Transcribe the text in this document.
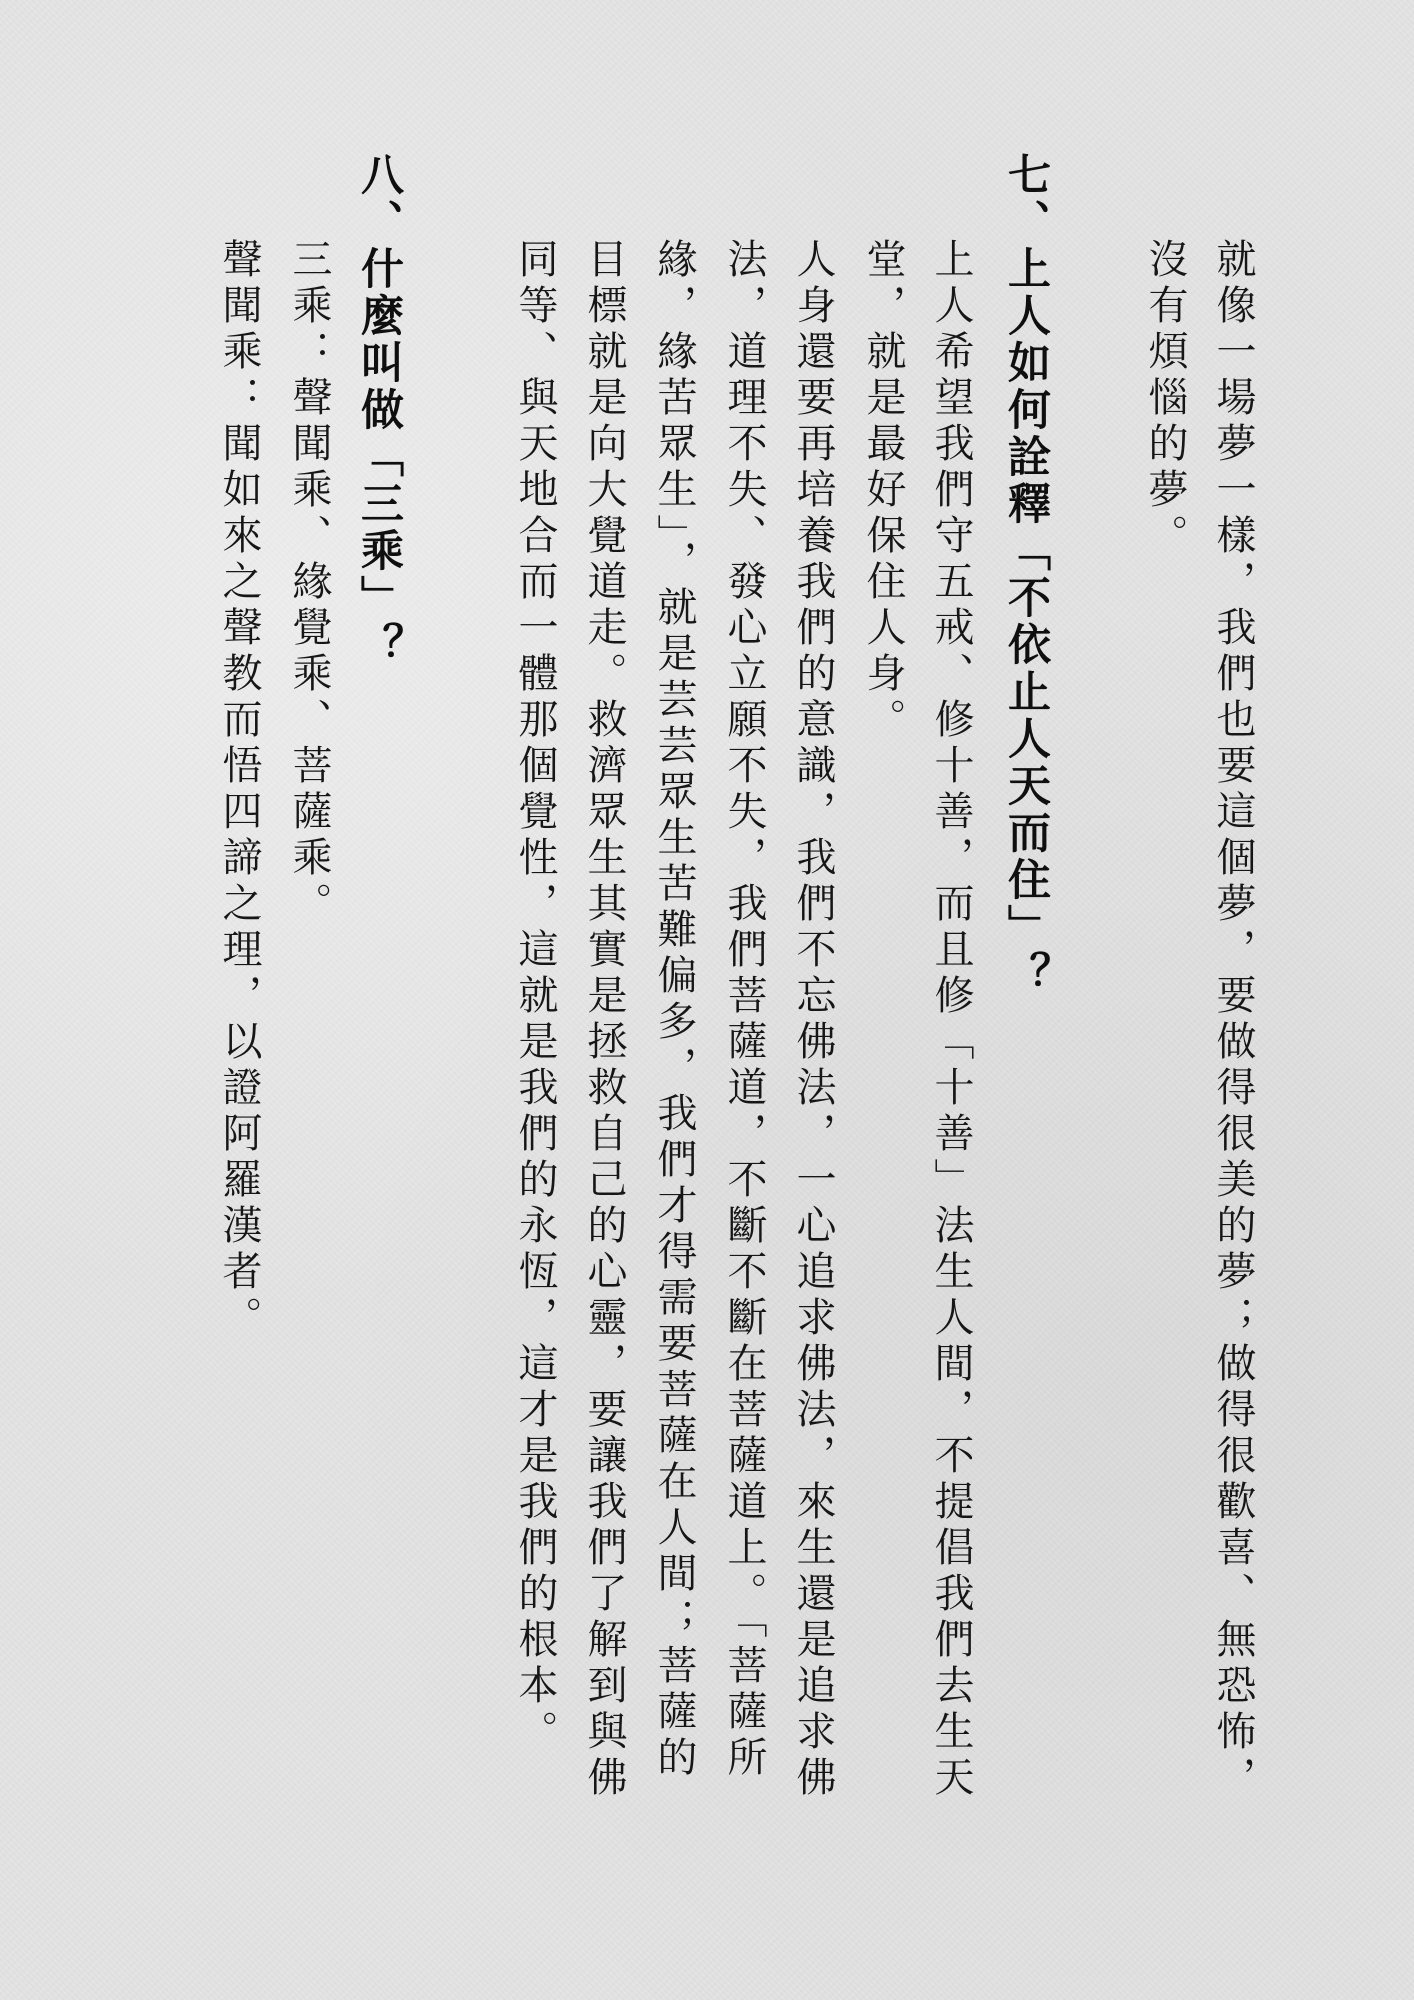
就像一場夢一樣，我們也要這個夢，要做得很美的夢；做得很歡喜、無恐怖，
沒有煩惱的夢。
七、上人如何詮釋「不依止人天而住」？
上人希望我們守五戒、修十善，而且修「十善」法生人間，不提倡我們去生天
堂，就是最好保住人身。
人身還要再培養我們的意識，我們不忘佛法，一心追求佛法，來生還是追求佛
法，道理不失、發心立願不失，我們菩薩道，不斷不斷在菩薩道上。「菩薩所
緣，緣苦眾生」，就是芸芸眾生苦難偏多，我們才得需要菩薩在人間；菩薩的
目標就是向大覺道走。救濟眾生其實是拯救自己的心靈，要讓我們了解到與佛
同等、與天地合而一體那個覺性，這就是我們的永恆，這才是我們的根本。
八、什麼叫做「三乘」？
三乘：聲聞乘、緣覺乘、菩薩乘。
聲聞乘：聞如來之聲教而悟四諦之理，以證阿羅漢者。
